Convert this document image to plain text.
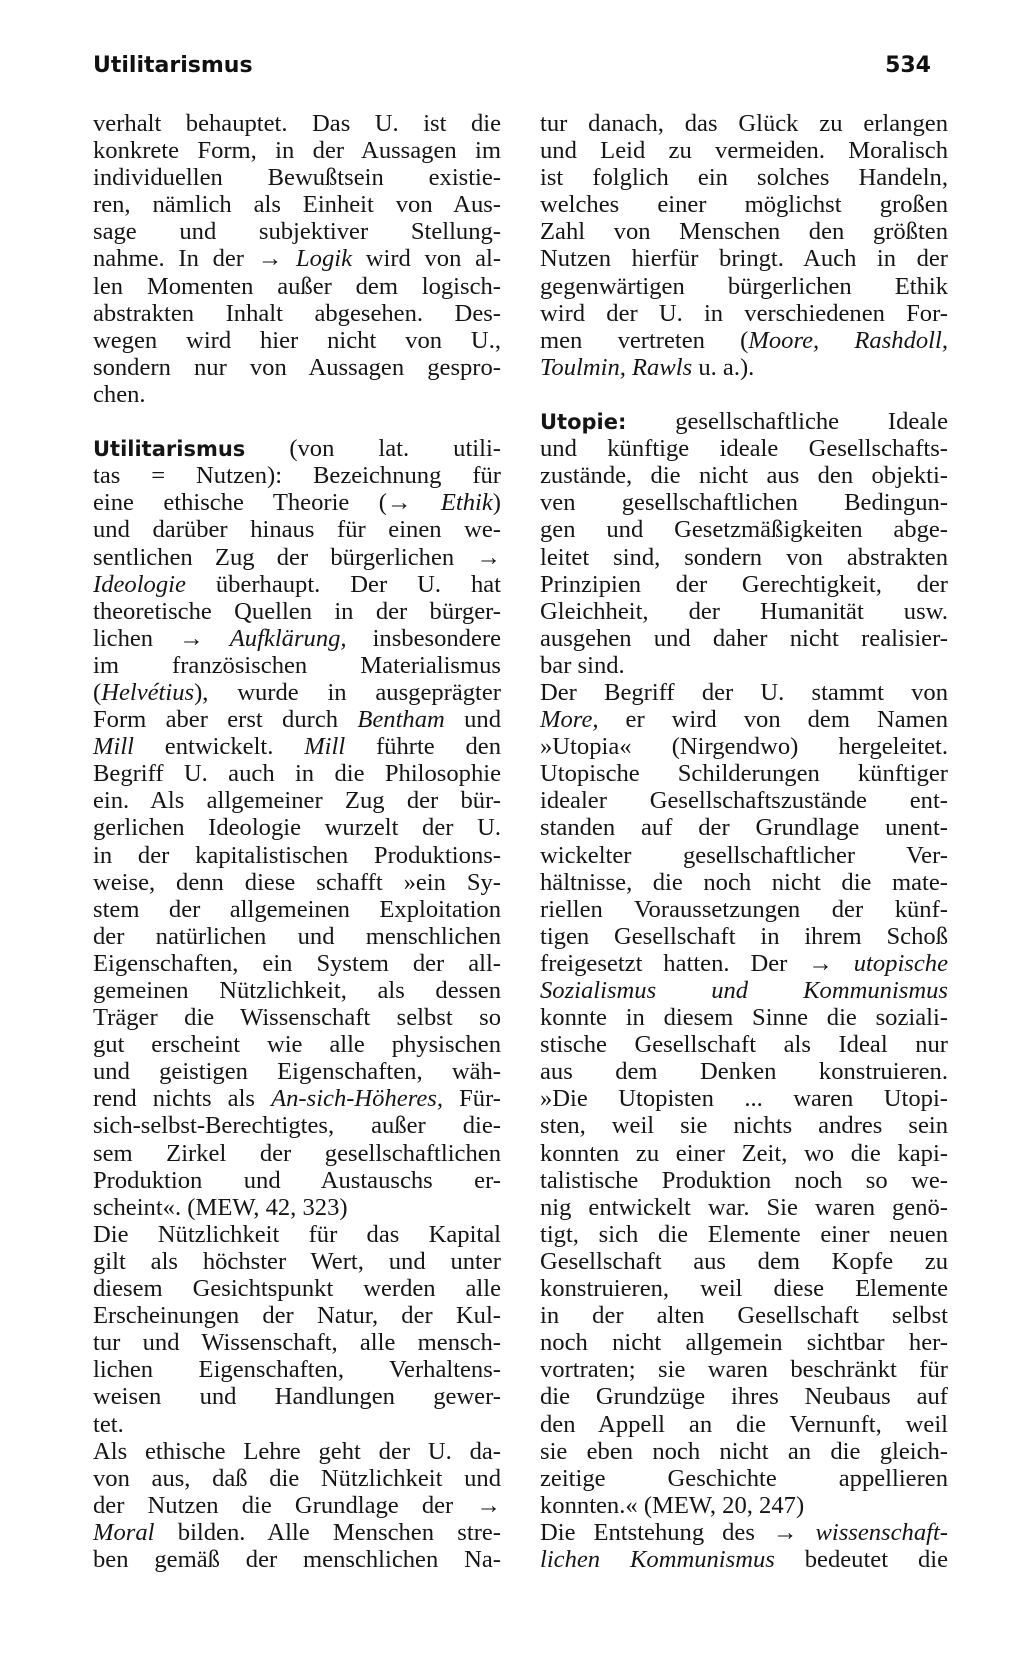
Utilitarismus	534
verhalt behauptet. Das U. ist die
konkrete Form, in der Aussagen im
individuellen Bewußtsein existie-
ren, nämlich als Einheit von Aus-
sage und subjektiver Stellung-
nahme. In der → Logik wird von al-
len Momenten außer dem logisch-
abstrakten Inhalt abgesehen. Des-
wegen wird hier nicht von U.,
sondern nur von Aussagen gespro-
chen.
Utilitarismus (von lat. utili-
tas = Nutzen): Bezeichnung für
eine ethische Theorie (→ Ethik)
und darüber hinaus für einen we-
sentlichen Zug der bürgerlichen →
Ideologie überhaupt. Der U. hat
theoretische Quellen in der bürger-
lichen → Aufklärung, insbesondere
im französischen Materialismus
(Helvétius), wurde in ausgeprägter
Form aber erst durch Bentham und
Mill entwickelt. Mill führte den
Begriff U. auch in die Philosophie
ein. Als allgemeiner Zug der bür-
gerlichen Ideologie wurzelt der U.
in der kapitalistischen Produktions-
weise, denn diese schafft »ein Sy-
stem der allgemeinen Exploitation
der natürlichen und menschlichen
Eigenschaften, ein System der all-
gemeinen Nützlichkeit, als dessen
Träger die Wissenschaft selbst so
gut erscheint wie alle physischen
und geistigen Eigenschaften, wäh-
rend nichts als An-sich-Höheres, Für-
sich-selbst-Berechtigtes, außer die-
sem Zirkel der gesellschaftlichen
Produktion und Austauschs er-
scheint«. (MEW, 42, 323)
Die Nützlichkeit für das Kapital
gilt als höchster Wert, und unter
diesem Gesichtspunkt werden alle
Erscheinungen der Natur, der Kul-
tur und Wissenschaft, alle mensch-
lichen Eigenschaften, Verhaltens-
weisen und Handlungen gewer-
tet.
Als ethische Lehre geht der U. da-
von aus, daß die Nützlichkeit und
der Nutzen die Grundlage der →
Moral bilden. Alle Menschen stre-
ben gemäß der menschlichen Na-
tur danach, das Glück zu erlangen
und Leid zu vermeiden. Moralisch
ist folglich ein solches Handeln,
welches einer möglichst großen
Zahl von Menschen den größten
Nutzen hierfür bringt. Auch in der
gegenwärtigen bürgerlichen Ethik
wird der U. in verschiedenen For-
men vertreten (Moore, Rashdoll,
Toulmin, Rawls u. a.).
Utopie: gesellschaftliche Ideale
und künftige ideale Gesellschafts-
zustände, die nicht aus den objekti-
ven gesellschaftlichen Bedingun-
gen und Gesetzmäßigkeiten abge-
leitet sind, sondern von abstrakten
Prinzipien der Gerechtigkeit, der
Gleichheit, der Humanität usw.
ausgehen und daher nicht realisier-
bar sind.
Der Begriff der U. stammt von
More, er wird von dem Namen
»Utopia« (Nirgendwo) hergeleitet.
Utopische Schilderungen künftiger
idealer Gesellschaftszustände ent-
standen auf der Grundlage unent-
wickelter gesellschaftlicher Ver-
hältnisse, die noch nicht die mate-
riellen Voraussetzungen der künf-
tigen Gesellschaft in ihrem Schoß
freigesetzt hatten. Der → utopische
Sozialismus und Kommunismus
konnte in diesem Sinne die soziali-
stische Gesellschaft als Ideal nur
aus dem Denken konstruieren.
»Die Utopisten ... waren Utopi-
sten, weil sie nichts andres sein
konnten zu einer Zeit, wo die kapi-
talistische Produktion noch so we-
nig entwickelt war. Sie waren genö-
tigt, sich die Elemente einer neuen
Gesellschaft aus dem Kopfe zu
konstruieren, weil diese Elemente
in der alten Gesellschaft selbst
noch nicht allgemein sichtbar her-
vortraten; sie waren beschränkt für
die Grundzüge ihres Neubaus auf
den Appell an die Vernunft, weil
sie eben noch nicht an die gleich-
zeitige Geschichte appellieren
konnten.« (MEW, 20, 247)
Die Entstehung des → wissenschaft-
lichen Kommunismus bedeutet die
